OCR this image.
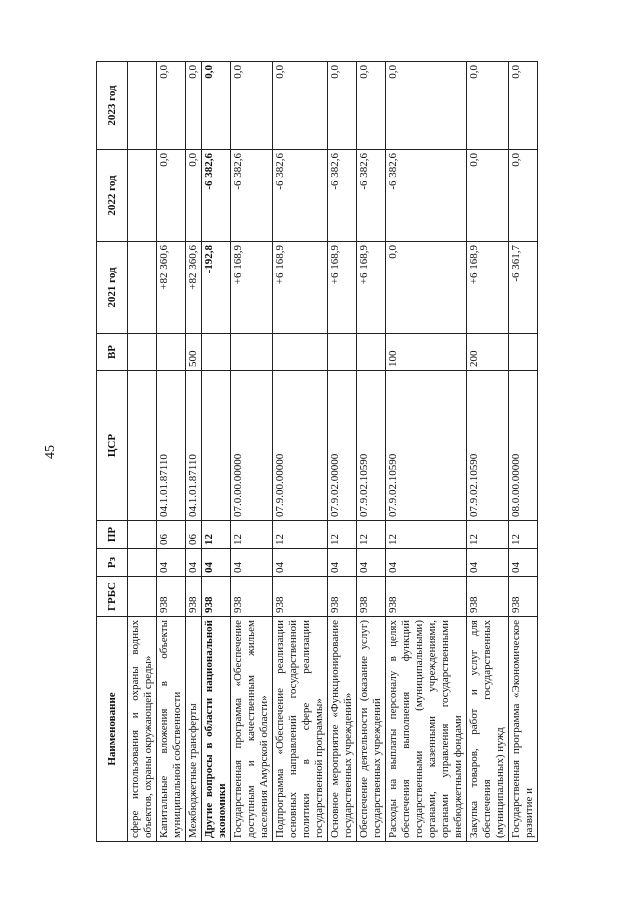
45
Наименование	ГРБС	Рз	ПР	ЦСР	ВР	2021 год	2022 год	2023 год
сфере использования и охраны водных объектов, охраны окружающей среды»								
Капитальные вложения в объекты муниципальной собственности	938	04	06	04.1.01.87110		+82 360,6	0,0	0,0
Межбюджетные трансферты	938	04	06	04.1.01.87110	500	+82 360,6	0,0	0,0
Другие вопросы в области национальной экономики	938	04	12			-192,8	-6 382,6	0,0
Государственная программа «Обеспечение доступным и качественным жильем населения Амурской области»	938	04	12	07.0.00.00000		+6 168,9	-6 382,6	0,0
Подпрограмма «Обеспечение реализации основных направлений государственной политики в сфере реализации государственной программы»	938	04	12	07.9.00.00000		+6 168,9	-6 382,6	0,0
Основное мероприятие «Функционирование государственных учреждений»	938	04	12	07.9.02.00000		+6 168,9	-6 382,6	0,0
Обеспечение деятельности (оказание услуг) государственных учреждений	938	04	12	07.9.02.10590		+6 168,9	-6 382,6	0,0
Расходы на выплаты персоналу в целях обеспечения выполнения функций государственными (муниципальными) органами, казенными учреждениями, органами управления государственными внебюджетными фондами	938	04	12	07.9.02.10590	100	0,0	-6 382,6	0,0
Закупка товаров, работ и услуг для обеспечения государственных (муниципальных) нужд	938	04	12	07.9.02.10590	200	+6 168,9	0,0	0,0
Государственная программа «Экономическое развитие и	938	04	12	08.0.00.00000		-6 361,7	0,0	0,0
